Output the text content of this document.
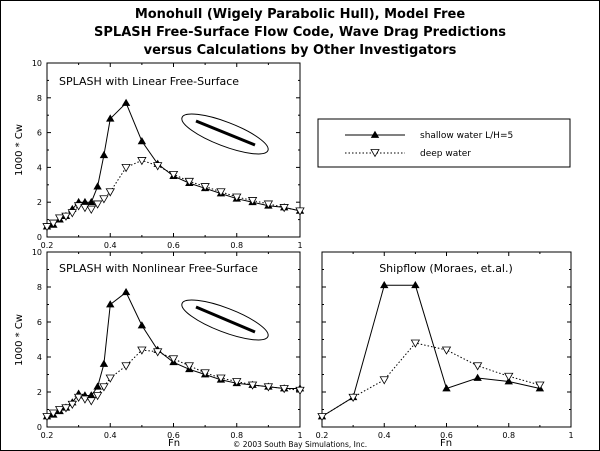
Monohull (Wigely Parabolic Hull), Model Free
SPLASH Free-Surface Flow Code, Wave Drag Predictions
versus Calculations by Other Investigators
SPLASH with Linear Free-Surface
0
2
4
6
8
10
0.2	0.4	0.6	0.8	1
1000 * Cw	shallow water L/H=5
deep water
SPLASH with Nonlinear Free-Surface
0
2
4
6
8
10
0.2	0.4	0.6	0.8	1
1000 * Cw
Fn
Shipflow (Moraes, et.al.)
0.2	0.4	0.6	0.8	1
Fn
© 2003 South Bay Simulations, Inc.
